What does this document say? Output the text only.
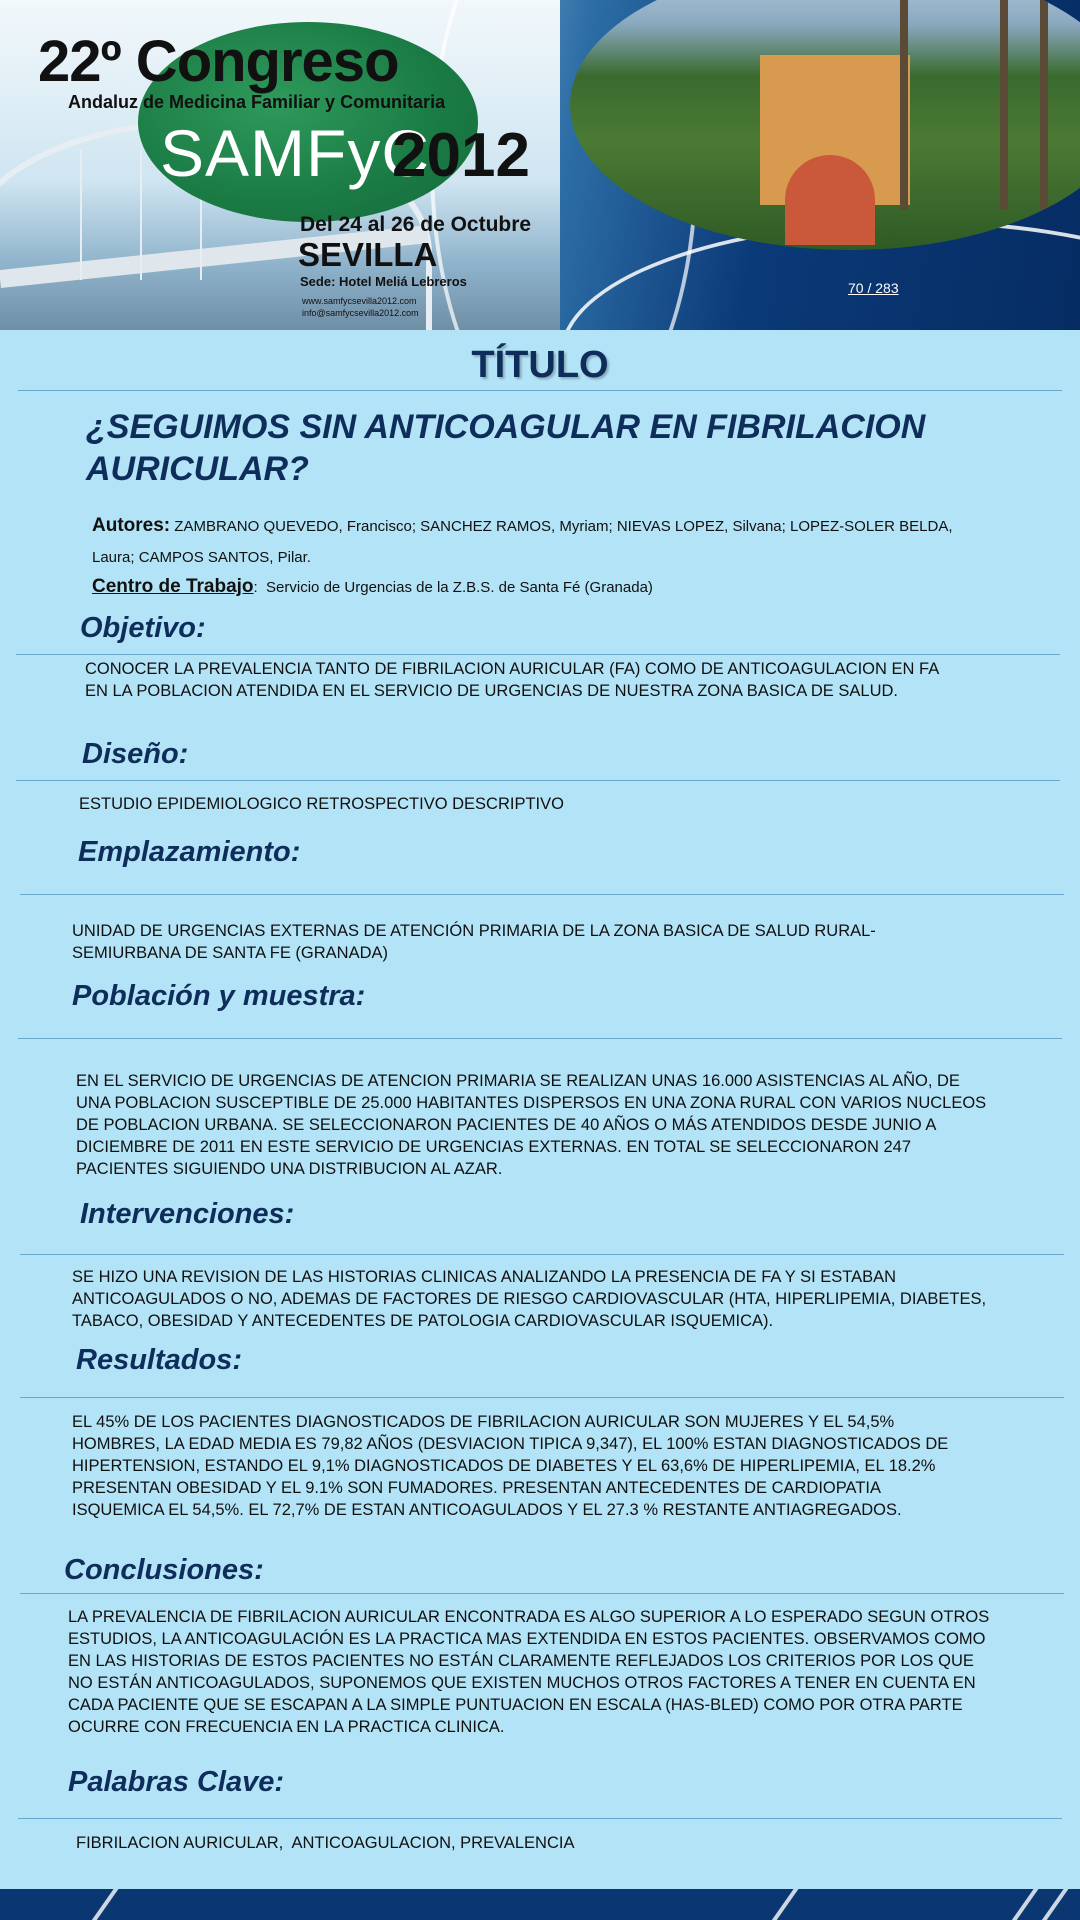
22º Congreso
Andaluz de Medicina Familiar y Comunitaria
SAMFyC
2012
Del 24 al 26 de Octubre
SEVILLA
Sede: Hotel Meliá Lebreros
www.samfycsevilla2012.com
info@samfycsevilla2012.com
70 / 283
TÍTULO
¿SEGUIMOS SIN ANTICOAGULAR EN FIBRILACION AURICULAR?
Autores: ZAMBRANO QUEVEDO, Francisco; SANCHEZ RAMOS, Myriam; NIEVAS LOPEZ, Silvana; LOPEZ-SOLER BELDA, Laura; CAMPOS SANTOS, Pilar.
Centro de Trabajo:  Servicio de Urgencias de la Z.B.S. de Santa Fé (Granada)
Objetivo:
CONOCER LA PREVALENCIA TANTO DE FIBRILACION AURICULAR (FA) COMO DE ANTICOAGULACION EN FA EN LA POBLACION ATENDIDA EN EL SERVICIO DE URGENCIAS DE NUESTRA ZONA BASICA DE SALUD.
Diseño:
ESTUDIO EPIDEMIOLOGICO RETROSPECTIVO DESCRIPTIVO
Emplazamiento:
UNIDAD DE URGENCIAS EXTERNAS DE ATENCIÓN PRIMARIA DE LA ZONA BASICA DE SALUD RURAL-SEMIURBANA DE SANTA FE (GRANADA)
Población y muestra:
EN EL SERVICIO DE URGENCIAS DE ATENCION PRIMARIA SE REALIZAN UNAS 16.000 ASISTENCIAS AL AÑO, DE UNA POBLACION SUSCEPTIBLE DE 25.000 HABITANTES DISPERSOS EN UNA ZONA RURAL CON VARIOS NUCLEOS DE POBLACION URBANA. SE SELECCIONARON PACIENTES DE 40 AÑOS O MÁS ATENDIDOS DESDE JUNIO A DICIEMBRE DE 2011 EN ESTE SERVICIO DE URGENCIAS EXTERNAS. EN TOTAL SE SELECCIONARON 247 PACIENTES SIGUIENDO UNA DISTRIBUCION AL AZAR.
Intervenciones:
SE HIZO UNA REVISION DE LAS HISTORIAS CLINICAS ANALIZANDO LA PRESENCIA DE FA Y SI ESTABAN ANTICOAGULADOS O NO, ADEMAS DE FACTORES DE RIESGO CARDIOVASCULAR (HTA, HIPERLIPEMIA, DIABETES, TABACO, OBESIDAD Y ANTECEDENTES DE PATOLOGIA CARDIOVASCULAR ISQUEMICA).
Resultados:
EL 45% DE LOS PACIENTES DIAGNOSTICADOS DE FIBRILACION AURICULAR SON MUJERES Y EL 54,5% HOMBRES, LA EDAD MEDIA ES 79,82 AÑOS (DESVIACION TIPICA 9,347), EL 100% ESTAN DIAGNOSTICADOS DE HIPERTENSION, ESTANDO EL 9,1% DIAGNOSTICADOS DE DIABETES Y EL 63,6% DE HIPERLIPEMIA, EL 18.2% PRESENTAN OBESIDAD Y EL 9.1% SON FUMADORES. PRESENTAN ANTECEDENTES DE CARDIOPATIA ISQUEMICA EL 54,5%. EL 72,7% DE ESTAN ANTICOAGULADOS Y EL 27.3 % RESTANTE ANTIAGREGADOS.
Conclusiones:
LA PREVALENCIA DE FIBRILACION AURICULAR ENCONTRADA ES ALGO SUPERIOR A LO ESPERADO SEGUN OTROS ESTUDIOS, LA ANTICOAGULACIÓN ES LA PRACTICA MAS EXTENDIDA EN ESTOS PACIENTES. OBSERVAMOS COMO EN LAS HISTORIAS DE ESTOS PACIENTES NO ESTÁN CLARAMENTE REFLEJADOS LOS CRITERIOS POR LOS QUE NO ESTÁN ANTICOAGULADOS, SUPONEMOS QUE EXISTEN MUCHOS OTROS FACTORES A TENER EN CUENTA EN CADA PACIENTE QUE SE ESCAPAN A LA SIMPLE PUNTUACION EN ESCALA (HAS-BLED) COMO POR OTRA PARTE OCURRE CON FRECUENCIA EN LA PRACTICA CLINICA.
Palabras Clave:
FIBRILACION AURICULAR,  ANTICOAGULACION, PREVALENCIA
